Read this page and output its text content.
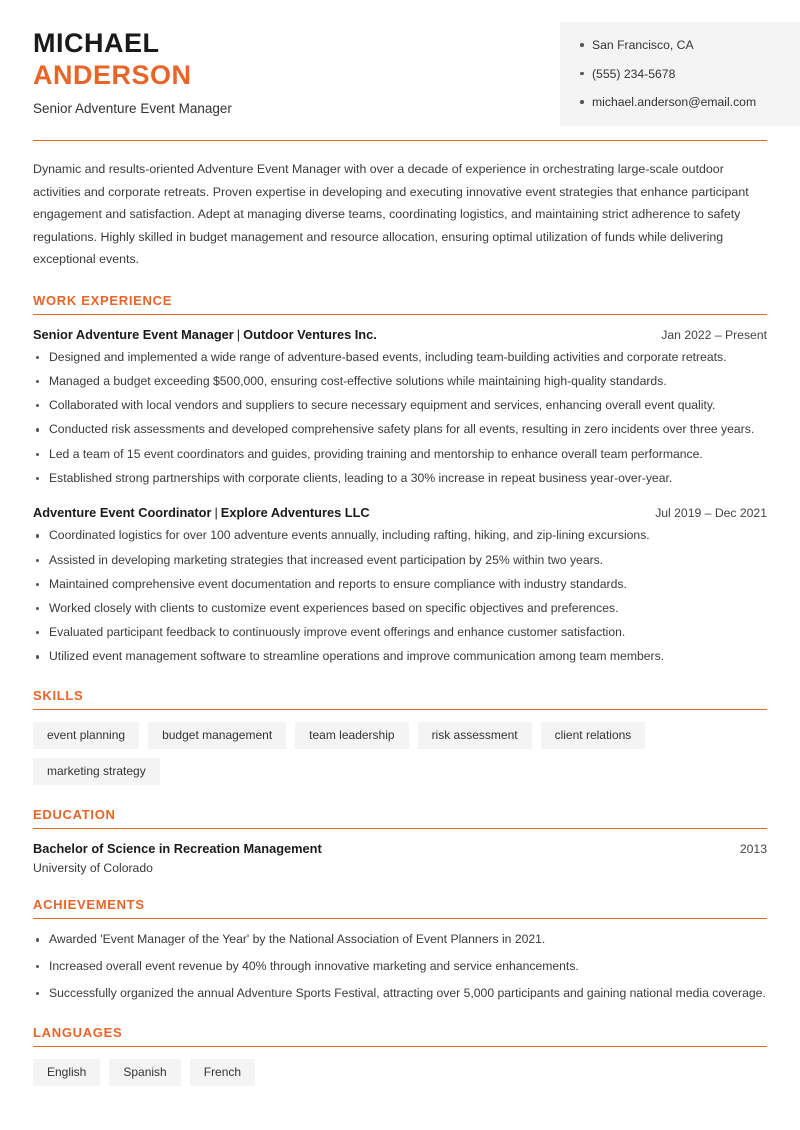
MICHAEL
ANDERSON
Senior Adventure Event Manager
San Francisco, CA
(555) 234-5678
michael.anderson@email.com
Dynamic and results-oriented Adventure Event Manager with over a decade of experience in orchestrating large-scale outdoor activities and corporate retreats. Proven expertise in developing and executing innovative event strategies that enhance participant engagement and satisfaction. Adept at managing diverse teams, coordinating logistics, and maintaining strict adherence to safety regulations. Highly skilled in budget management and resource allocation, ensuring optimal utilization of funds while delivering exceptional events.
WORK EXPERIENCE
Senior Adventure Event Manager | Outdoor Ventures Inc.	Jan 2022 – Present
Designed and implemented a wide range of adventure-based events, including team-building activities and corporate retreats.
Managed a budget exceeding $500,000, ensuring cost-effective solutions while maintaining high-quality standards.
Collaborated with local vendors and suppliers to secure necessary equipment and services, enhancing overall event quality.
Conducted risk assessments and developed comprehensive safety plans for all events, resulting in zero incidents over three years.
Led a team of 15 event coordinators and guides, providing training and mentorship to enhance overall team performance.
Established strong partnerships with corporate clients, leading to a 30% increase in repeat business year-over-year.
Adventure Event Coordinator | Explore Adventures LLC	Jul 2019 – Dec 2021
Coordinated logistics for over 100 adventure events annually, including rafting, hiking, and zip-lining excursions.
Assisted in developing marketing strategies that increased event participation by 25% within two years.
Maintained comprehensive event documentation and reports to ensure compliance with industry standards.
Worked closely with clients to customize event experiences based on specific objectives and preferences.
Evaluated participant feedback to continuously improve event offerings and enhance customer satisfaction.
Utilized event management software to streamline operations and improve communication among team members.
SKILLS
event planning	budget management	team leadership	risk assessment	client relations
marketing strategy
EDUCATION
Bachelor of Science in Recreation Management	2013
University of Colorado
ACHIEVEMENTS
Awarded 'Event Manager of the Year' by the National Association of Event Planners in 2021.
Increased overall event revenue by 40% through innovative marketing and service enhancements.
Successfully organized the annual Adventure Sports Festival, attracting over 5,000 participants and gaining national media coverage.
LANGUAGES
English	Spanish	French
